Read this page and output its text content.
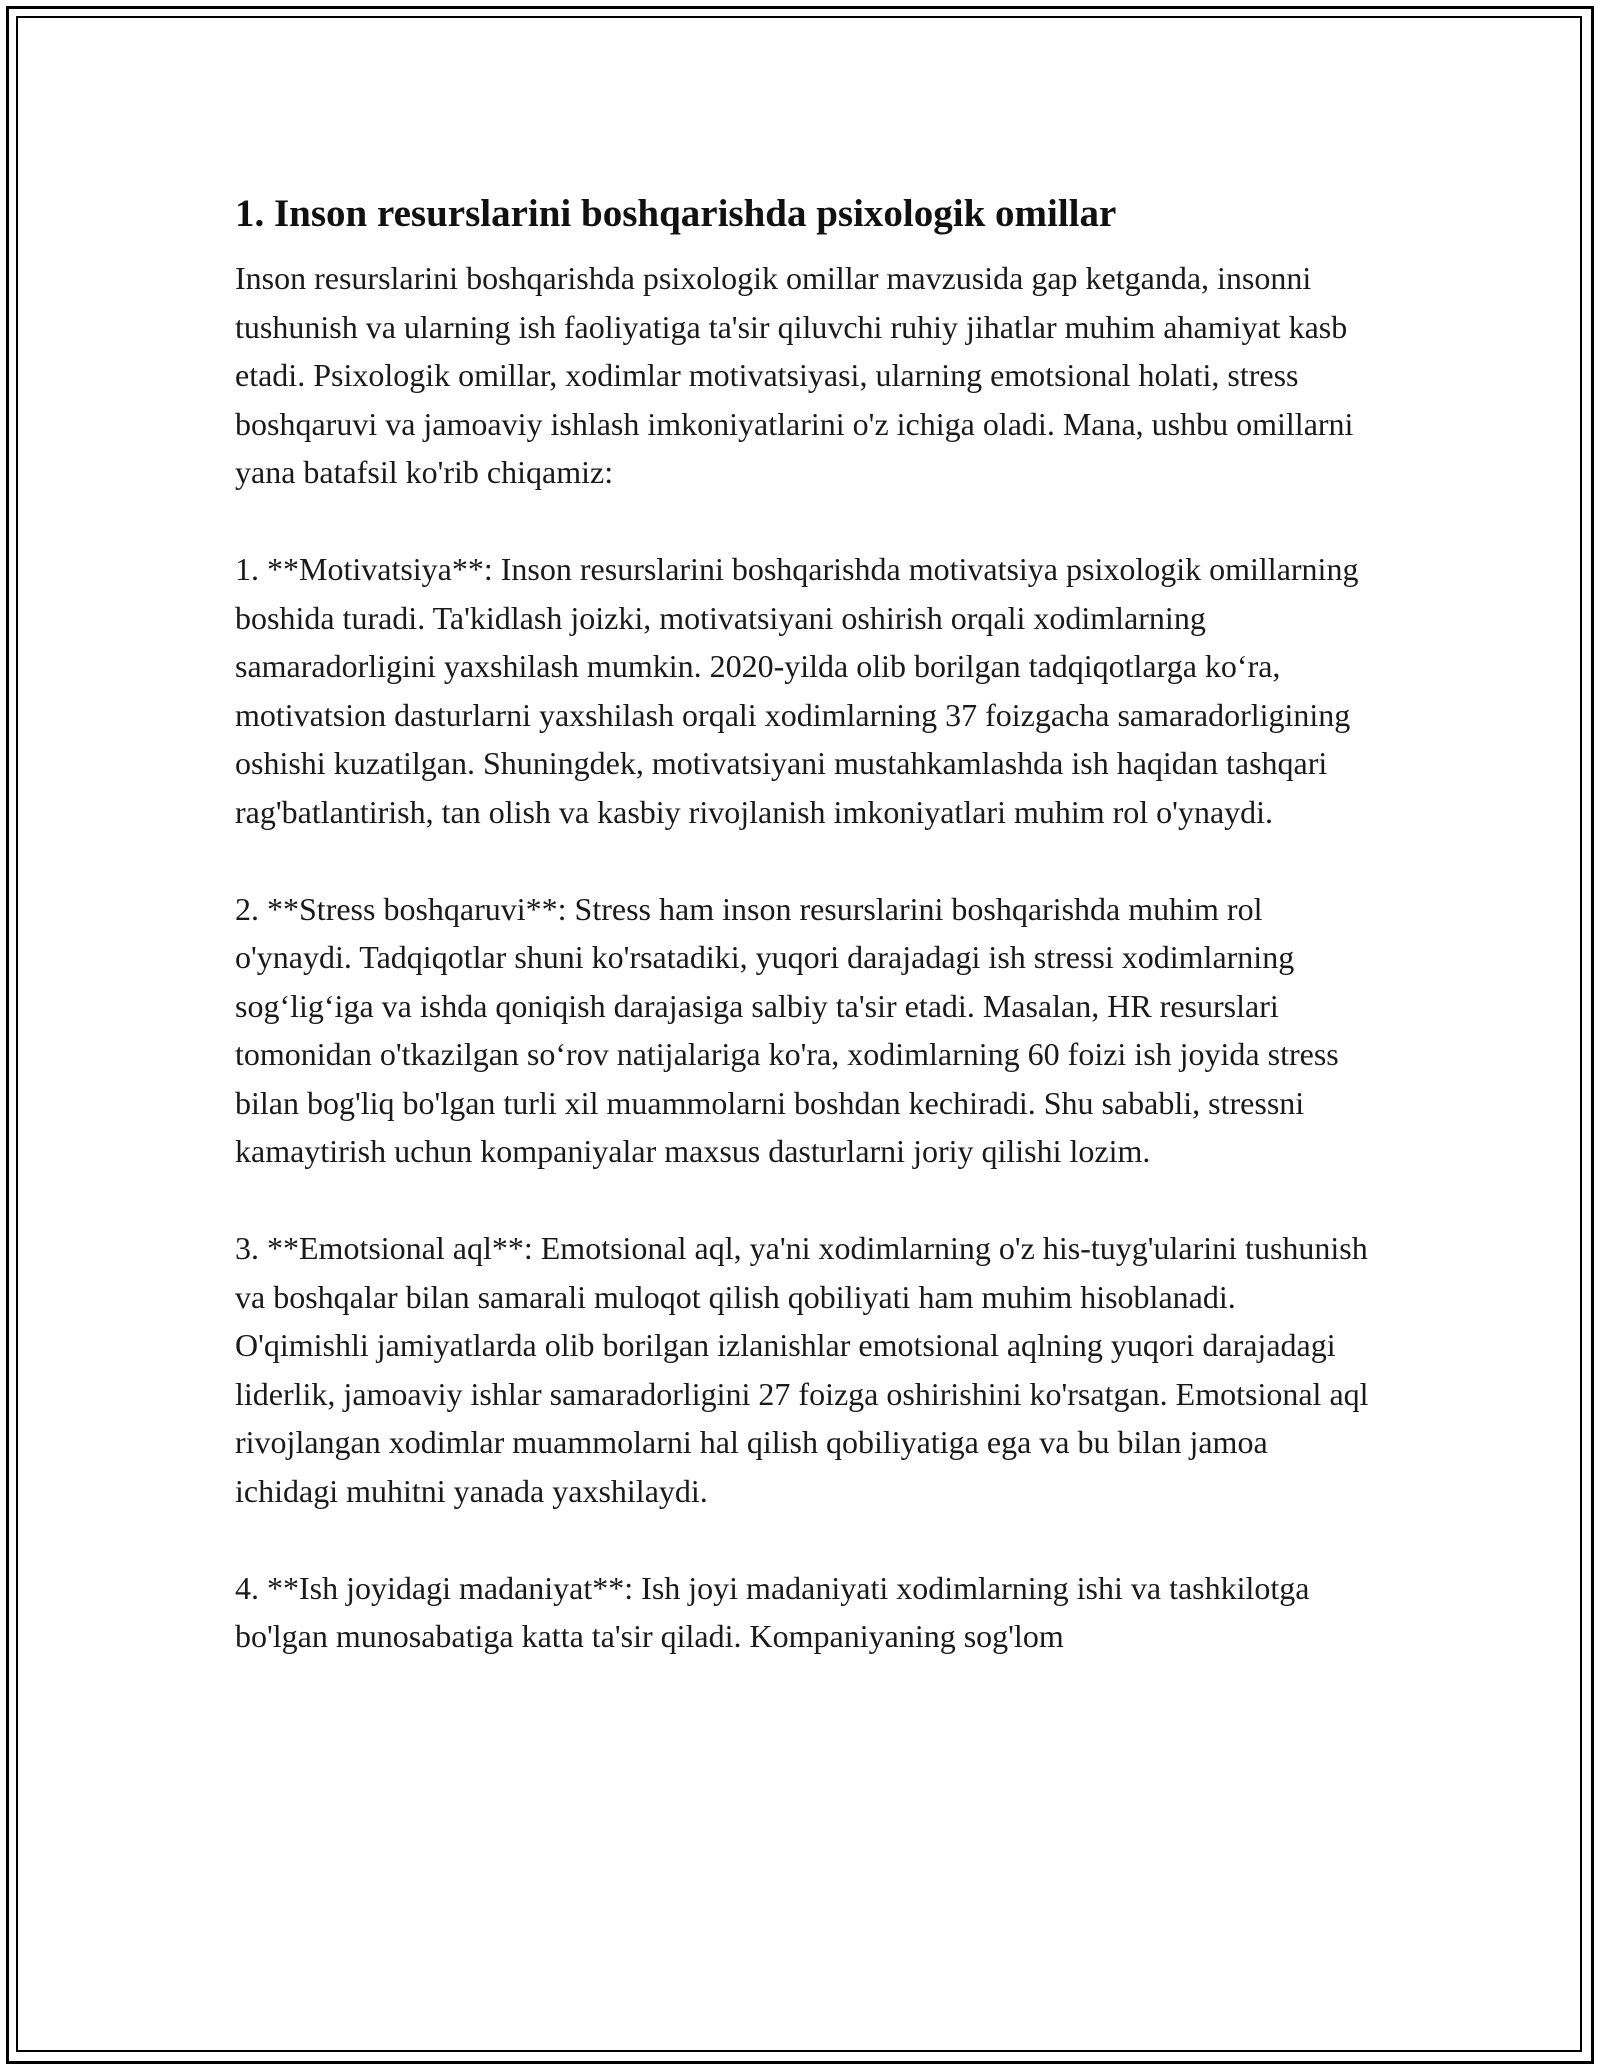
1. Inson resurslarini boshqarishda psixologik omillar

Inson resurslarini boshqarishda psixologik omillar mavzusida gap ketganda, insonni tushunish va ularning ish faoliyatiga ta'sir qiluvchi ruhiy jihatlar muhim ahamiyat kasb etadi. Psixologik omillar, xodimlar motivatsiyasi, ularning emotsional holati, stress boshqaruvi va jamoaviy ishlash imkoniyatlarini o'z ichiga oladi. Mana, ushbu omillarni yana batafsil ko'rib chiqamiz:

1. **Motivatsiya**: Inson resurslarini boshqarishda motivatsiya psixologik omillarning boshida turadi. Ta'kidlash joizki, motivatsiyani oshirish orqali xodimlarning samaradorligini yaxshilash mumkin. 2020-yilda olib borilgan tadqiqotlarga ko‘ra, motivatsion dasturlarni yaxshilash orqali xodimlarning 37 foizgacha samaradorligining oshishi kuzatilgan. Shuningdek, motivatsiyani mustahkamlashda ish haqidan tashqari rag'batlantirish, tan olish va kasbiy rivojlanish imkoniyatlari muhim rol o'ynaydi.

2. **Stress boshqaruvi**: Stress ham inson resurslarini boshqarishda muhim rol o'ynaydi. Tadqiqotlar shuni ko'rsatadiki, yuqori darajadagi ish stressi xodimlarning sog‘lig‘iga va ishda qoniqish darajasiga salbiy ta'sir etadi. Masalan, HR resurslari tomonidan o'tkazilgan so‘rov natijalariga ko'ra, xodimlarning 60 foizi ish joyida stress bilan bog'liq bo'lgan turli xil muammolarni boshdan kechiradi. Shu sababli, stressni kamaytirish uchun kompaniyalar maxsus dasturlarni joriy qilishi lozim.

3. **Emotsional aql**: Emotsional aql, ya'ni xodimlarning o'z his-tuyg'ularini tushunish va boshqalar bilan samarali muloqot qilish qobiliyati ham muhim hisoblanadi. O'qimishli jamiyatlarda olib borilgan izlanishlar emotsional aqlning yuqori darajadagi liderlik, jamoaviy ishlar samaradorligini 27 foizga oshirishini ko'rsatgan. Emotsional aql rivojlangan xodimlar muammolarni hal qilish qobiliyatiga ega va bu bilan jamoa ichidagi muhitni yanada yaxshilaydi.

4. **Ish joyidagi madaniyat**: Ish joyi madaniyati xodimlarning ishi va tashkilotga bo'lgan munosabatiga katta ta'sir qiladi. Kompaniyaning sog'lom
